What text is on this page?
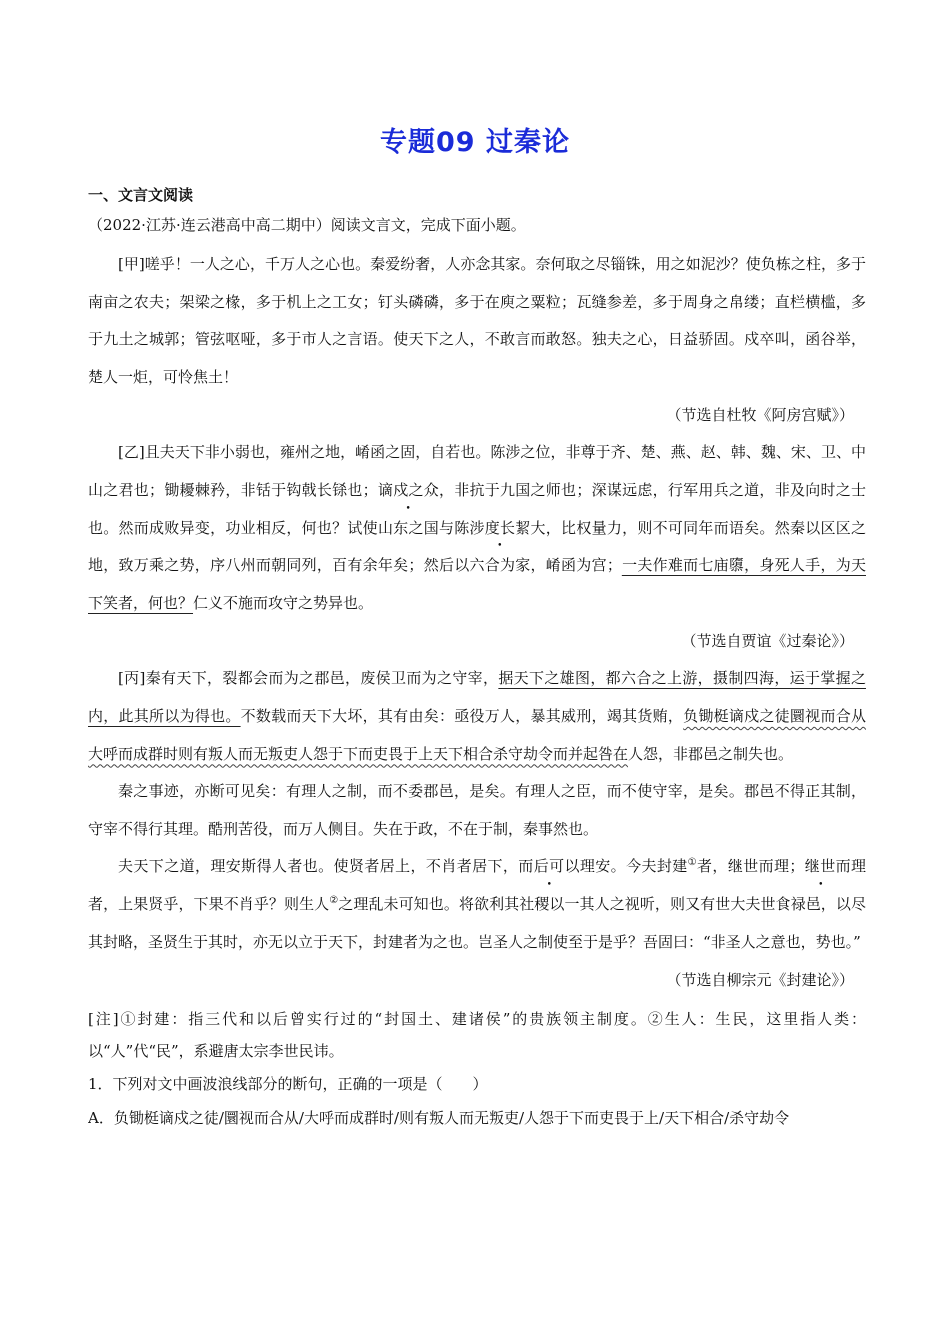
专题09 过秦论
一、文言文阅读
（2022·江苏·连云港高中高二期中）阅读文言文，完成下面小题。

[甲]嗟乎！一人之心，千万人之心也。秦爱纷奢，人亦念其家。奈何取之尽锱铢，用之如泥沙？使负栋之柱，多于南亩之农夫；架梁之椽，多于机上之工女；钉头磷磷，多于在庾之粟粒；瓦缝参差，多于周身之帛缕；直栏横槛，多于九土之城郭；管弦呕哑，多于市人之言语。使天下之人，不敢言而敢怒。独夫之心，日益骄固。戍卒叫，函谷举，楚人一炬，可怜焦土！

（节选自杜牧《阿房宫赋》）

[乙]且夫天下非小弱也，雍州之地，崤函之固，自若也。陈涉之位，非尊于齐、楚、燕、赵、韩、魏、宋、卫、中山之君也；锄耰棘矜，非铦于钩戟长铩也；谪戍之众，非抗于九国之师也；深谋远虑，行军用兵之道，非及向时之士也。然而成败异变，功业相反，何也？试使山东之国与陈涉度长絜大，比权量力，则不可同年而语矣。然秦以区区之地，致万乘之势，序八州而朝同列，百有余年矣；然后以六合为家，崤函为宫；一夫作难而七庙隳，身死人手，为天下笑者，何也？仁义不施而攻守之势异也。

（节选自贾谊《过秦论》）

[丙]秦有天下，裂都会而为之郡邑，废侯卫而为之守宰，据天下之雄图，都六合之上游，摄制四海，运于掌握之内，此其所以为得也。不数载而天下大坏，其有由矣：亟役万人，暴其威刑，竭其货贿，负锄梃谪戍之徒圜视而合从大呼而成群时则有叛人而无叛吏人怨于下而吏畏于上天下相合杀守劫令而并起咎在人怨，非郡邑之制失也。

秦之事迹，亦断可见矣：有理人之制，而不委郡邑，是矣。有理人之臣，而不使守宰，是矣。郡邑不得正其制，守宰不得行其理。酷刑苦役，而万人侧目。失在于政，不在于制，秦事然也。

夫天下之道，理安斯得人者也。使贤者居上，不肖者居下，而后可以理安。今夫封建①者，继世而理；继世而理者，上果贤乎，下果不肖乎？则生人②之理乱未可知也。将欲利其社稷以一其人之视听，则又有世大夫世食禄邑，以尽其封略，圣贤生于其时，亦无以立于天下，封建者为之也。岂圣人之制使至于是乎？吾固曰：“非圣人之意也，势也。”

（节选自柳宗元《封建论》）

[注]①封建：指三代和以后曾实行过的“封国土、建诸侯”的贵族领主制度。②生人：生民，这里指人类：以“人”代“民”，系避唐太宗李世民讳。

1．下列对文中画波浪线部分的断句，正确的一项是（　　）
A．负锄梃谪戍之徒/圜视而合从/大呼而成群时/则有叛人而无叛吏/人怨于下而吏畏于上/天下相合/杀守劫令
